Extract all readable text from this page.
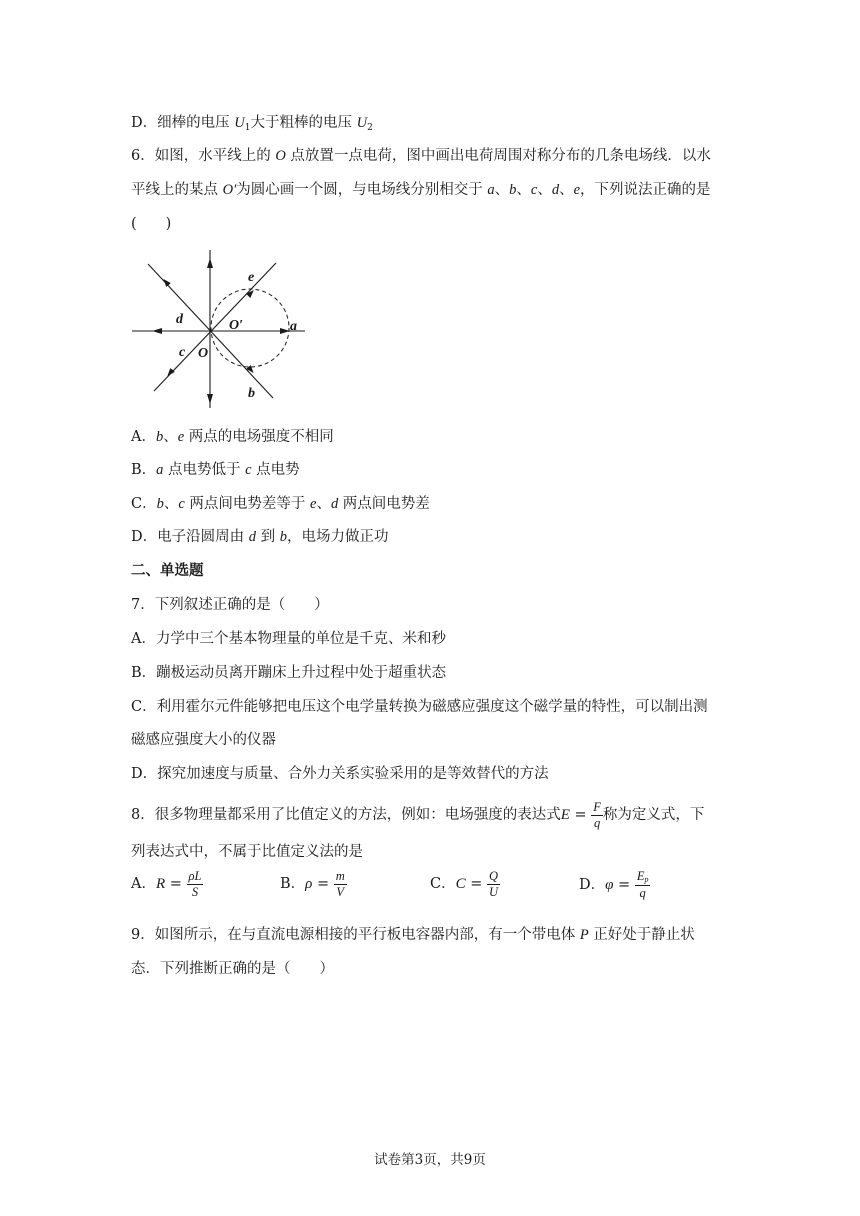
D．细棒的电压 $U_1$大于粗棒的电压 $U_2$
6．如图，水平线上的 O 点放置一点电荷，图中画出电荷周围对称分布的几条电场线．以水
平线上的某点 O′为圆心画一个圆，与电场线分别相交于 a、b、c、d、e，下列说法正确的是
(　　)
e
d	O′	a
c O
b
A．b、e 两点的电场强度不相同
B．a 点电势低于 c 点电势
C．b、c 两点间电势差等于 e、d 两点间电势差
D．电子沿圆周由 d 到 b，电场力做正功
二、单选题
7．下列叙述正确的是（　　）
A．力学中三个基本物理量的单位是千克、米和秒
B．蹦极运动员离开蹦床上升过程中处于超重状态
C．利用霍尔元件能够把电压这个电学量转换为磁感应强度这个磁学量的特性，可以制出测
磁感应强度大小的仪器
D．探究加速度与质量、合外力关系实验采用的是等效替代的方法
8．很多物理量都采用了比值定义的方法，例如：电场强度的表达式$E = \frac{F}{q}$ 称为定义式，下
列表达式中，不属于比值定义法的是
A．$R = \frac{\rho L}{S}$	B．$\rho = \frac{m}{V}$	C．$C = \frac{Q}{U}$	D．$\varphi = \frac{Ep}{q}$
9．如图所示，在与直流电源相接的平行板电容器内部，有一个带电体 P 正好处于静止状
态．下列推断正确的是（　　）
试卷第3页，共9页
